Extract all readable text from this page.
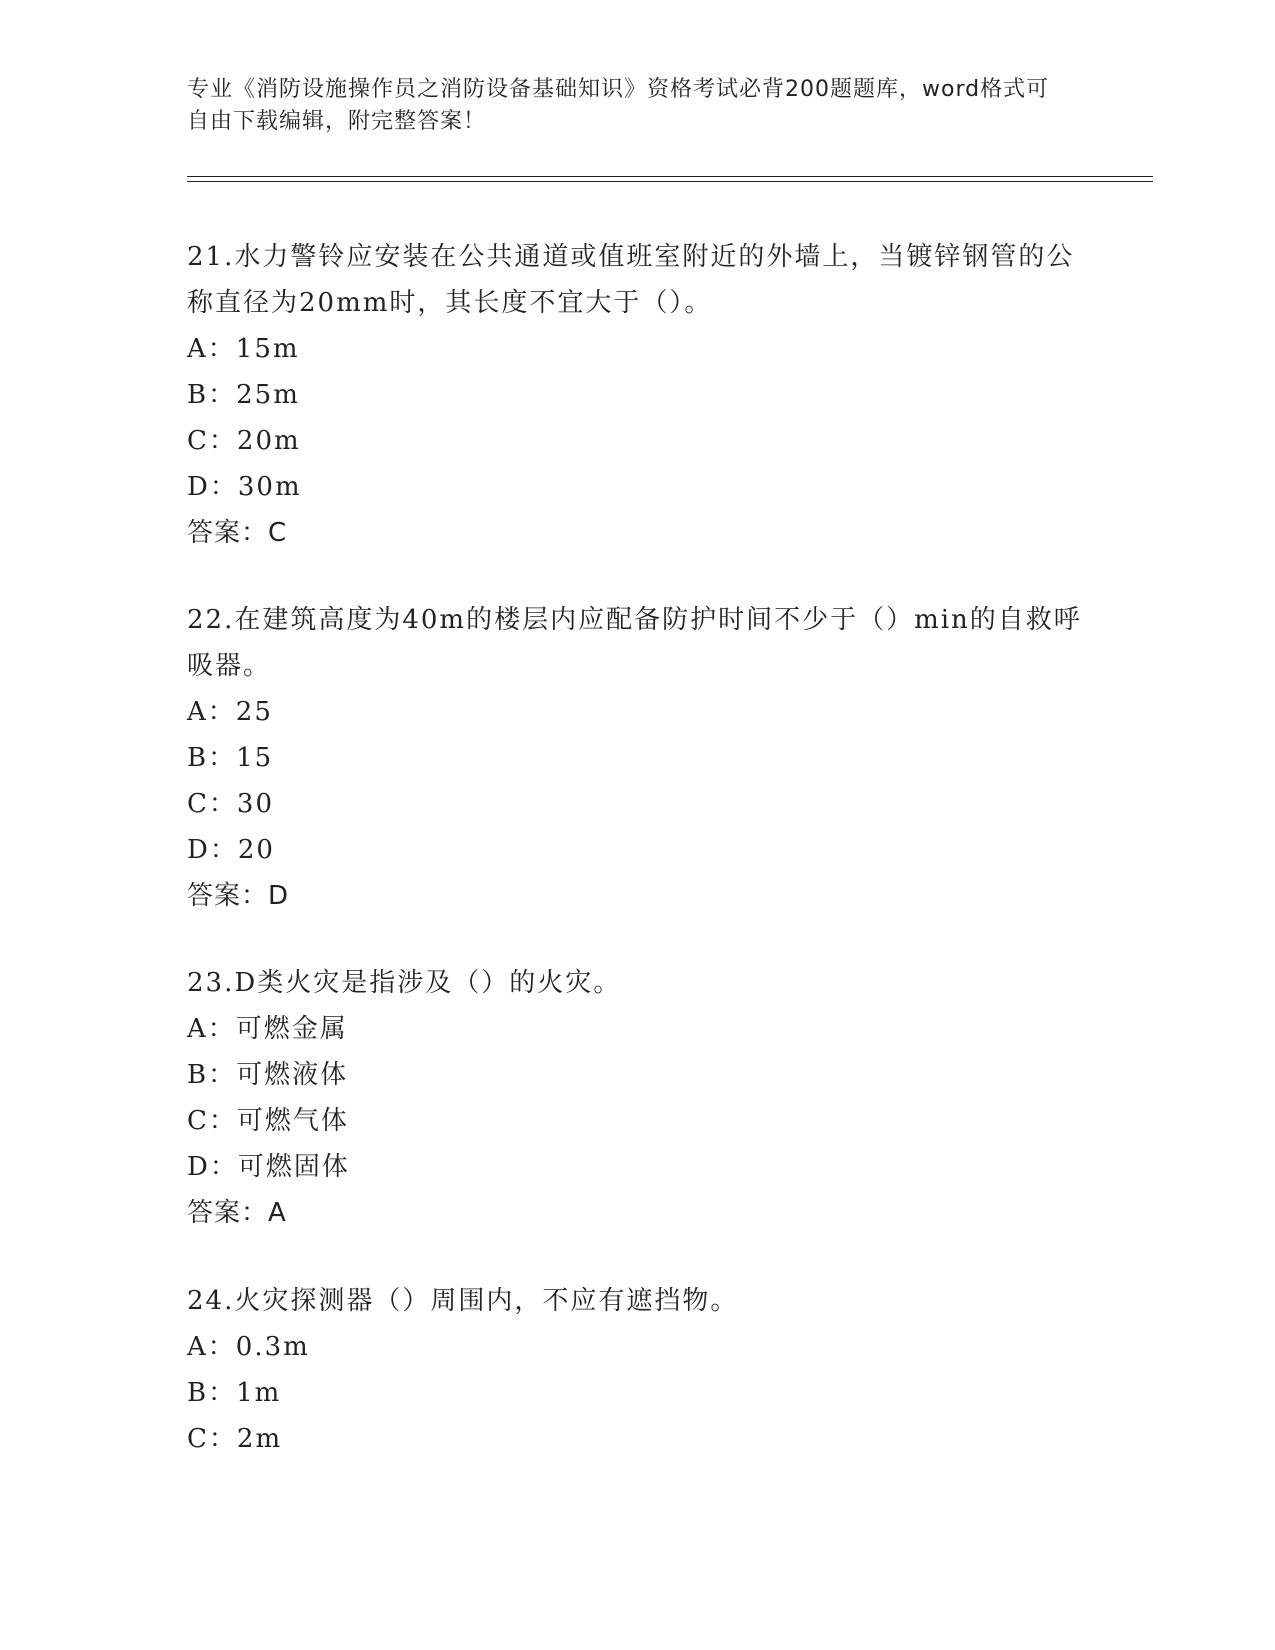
专业《消防设施操作员之消防设备基础知识》资格考试必背200题题库，word格式可自由下载编辑，附完整答案！

21.水力警铃应安装在公共通道或值班室附近的外墙上，当镀锌钢管的公称直径为20mm时，其长度不宜大于（）。

A：15m

B：25m

C：20m

D：30m

答案：C

22.在建筑高度为40m的楼层内应配备防护时间不少于（）min的自救呼吸器。

A：25

B：15

C：30

D：20

答案：D

23.D类火灾是指涉及（）的火灾。

A：可燃金属

B：可燃液体

C：可燃气体

D：可燃固体

答案：A

24.火灾探测器（）周围内，不应有遮挡物。

A：0.3m

B：1m

C：2m
